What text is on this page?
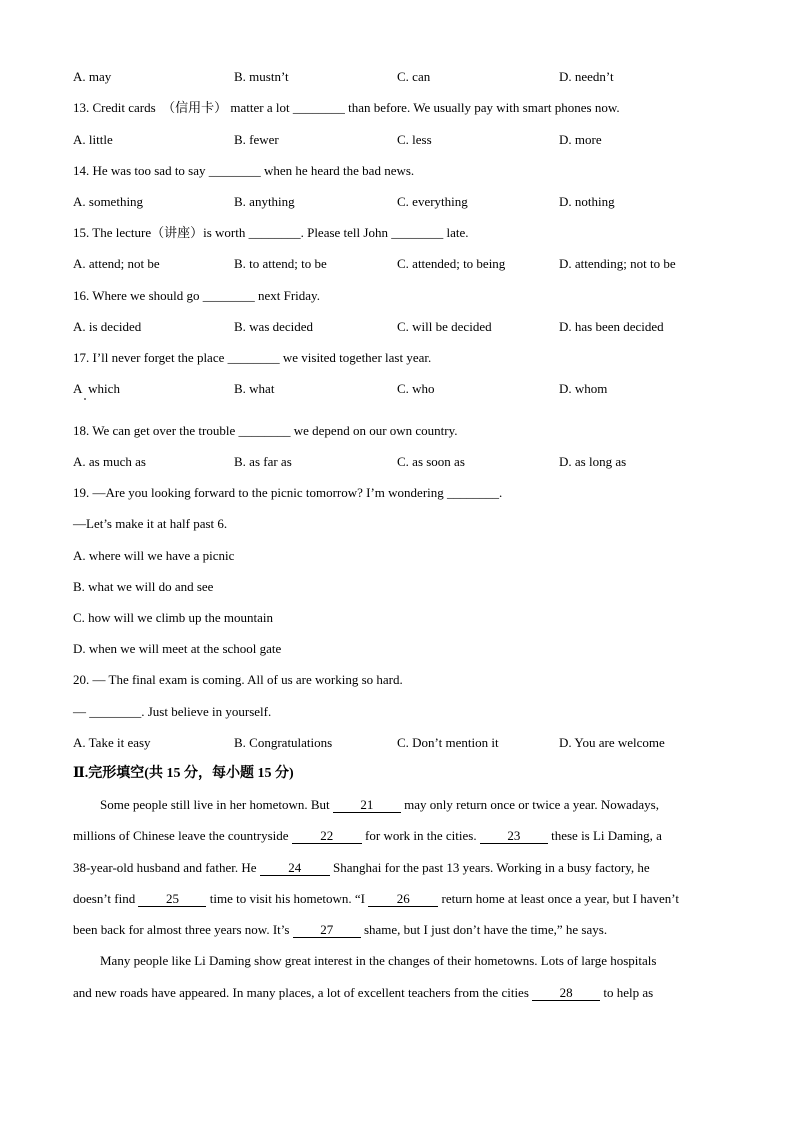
A. may	B. mustn’t	C. can	D. needn’t
13. Credit cards  （信用卡） matter a lot ________ than before. We usually pay with smart phones now.
A. little	B. fewer	C. less	D. more
14. He was too sad to say ________ when he heard the bad news.
A. something	B. anything	C. everything	D. nothing
15. The lecture（讲座）is worth ________. Please tell John ________ late.
A. attend; not be	B. to attend; to be	C. attended; to being	D. attending; not to be
16. Where we should go ________ next Friday.
A. is decided	B. was decided	C. will be decided	D. has been decided
17. I’ll never forget the place ________ we visited together last year.
A  which	B. what	C. who	D. whom
18. We can get over the trouble ________ we depend on our own country.
A. as much as	B. as far as	C. as soon as	D. as long as
19. —Are you looking forward to the picnic tomorrow? I’m wondering ________.
—Let’s make it at half past 6.
A. where will we have a picnic
B. what we will do and see
C. how will we climb up the mountain
D. when we will meet at the school gate
20. — The final exam is coming. All of us are working so hard.
— ________. Just believe in yourself.
A. Take it easy	B. Congratulations	C. Don’t mention it	D. You are welcome
Ⅱ.完形填空(共 15 分，每小题 15 分)
Some people still live in her hometown. But 21 may only return once or twice a year. Nowadays,
millions of Chinese leave the countryside 22 for work in the cities. 23 these is Li Daming, a
38-year-old husband and father. He 24 Shanghai for the past 13 years. Working in a busy factory, he
doesn’t find 25 time to visit his hometown. “I 26 return home at least once a year, but I haven’t
been back for almost three years now. It’s 27 shame, but I just don’t have the time,” he says.
Many people like Li Daming show great interest in the changes of their hometowns. Lots of large hospitals
and new roads have appeared. In many places, a lot of excellent teachers from the cities 28 to help as
